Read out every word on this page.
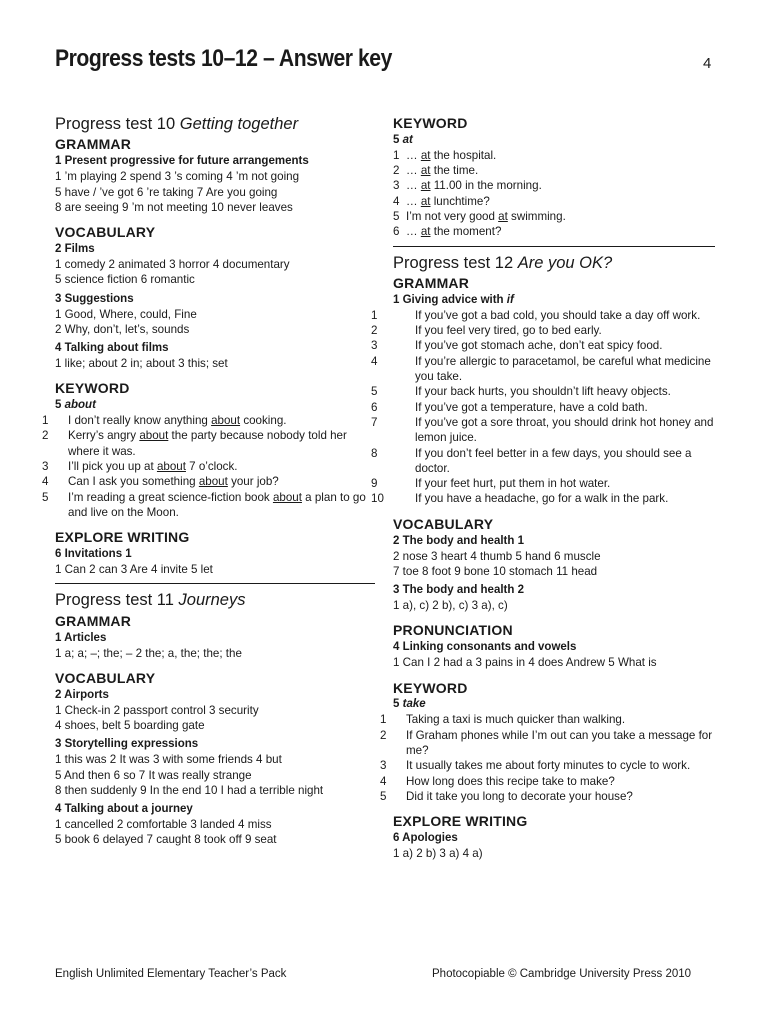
Progress tests 10–12 – Answer key	4

Progress test 10 Getting together

GRAMMAR

1 Present progressive for future arrangements

1 ’m playing 2 spend 3 ’s coming 4 ’m not going
5 have / ’ve got 6 ’re taking 7 Are you going
8 are seeing 9 ’m not meeting 10 never leaves

VOCABULARY

2 Films

1 comedy 2 animated 3 horror 4 documentary
5 science fiction 6 romantic

3 Suggestions

1 Good, Where, could, Fine
2 Why, don’t, let’s, sounds

4 Talking about films

1 like; about 2 in; about 3 this; set

KEYWORD

5 about

1 I don’t really know anything about cooking.

2 Kerry’s angry about the party because nobody told her where it was.

3 I’ll pick you up at about 7 o’clock.

4 Can I ask you something about your job?

5 I’m reading a great science-fiction book about a plan to go and live on the Moon.

EXPLORE WRITING

6 Invitations 1

1 Can 2 can 3 Are 4 invite 5 let

Progress test 11 Journeys

GRAMMAR

1 Articles

1 a; a; –; the; – 2 the; a, the; the; the

VOCABULARY

2 Airports

1 Check-in 2 passport control 3 security
4 shoes, belt 5 boarding gate

3 Storytelling expressions

1 this was 2 It was 3 with some friends 4 but
5 And then 6 so 7 It was really strange
8 then suddenly 9 In the end 10 I had a terrible night

4 Talking about a journey

1 cancelled 2 comfortable 3 landed 4 miss
5 book 6 delayed 7 caught 8 took off 9 seat

KEYWORD

5 at

1 … at the hospital.

2 … at the time.

3 … at 11.00 in the morning.

4 … at lunchtime?

5 I’m not very good at swimming.

6 … at the moment?

Progress test 12 Are you OK?

GRAMMAR

1 Giving advice with if

1	If you’ve got a bad cold, you should take a day off work.

2	If you feel very tired, go to bed early.

3	If you’ve got stomach ache, don’t eat spicy food.

4	If you’re allergic to paracetamol, be careful what medicine you take.

5	If your back hurts, you shouldn’t lift heavy objects.

6	If you’ve got a temperature, have a cold bath.

7	If you’ve got a sore throat, you should drink hot honey and lemon juice.

8	If you don’t feel better in a few days, you should see a doctor.

9	If your feet hurt, put them in hot water.

10	If you have a headache, go for a walk in the park.

VOCABULARY

2 The body and health 1

2 nose 3 heart 4 thumb 5 hand 6 muscle
7 toe 8 foot 9 bone 10 stomach 11 head

3 The body and health 2

1 a), c) 2 b), c) 3 a), c)

PRONUNCIATION

4 Linking consonants and vowels

1 Can I 2 had a 3 pains in 4 does Andrew 5 What is

KEYWORD

5 take

1 Taking a taxi is much quicker than walking.

2 If Graham phones while I’m out can you take a message for me?

3 It usually takes me about forty minutes to cycle to work.

4 How long does this recipe take to make?

5 Did it take you long to decorate your house?

EXPLORE WRITING

6 Apologies

1 a) 2 b) 3 a) 4 a)
English Unlimited Elementary Teacher’s Pack	Photocopiable © Cambridge University Press 2010
